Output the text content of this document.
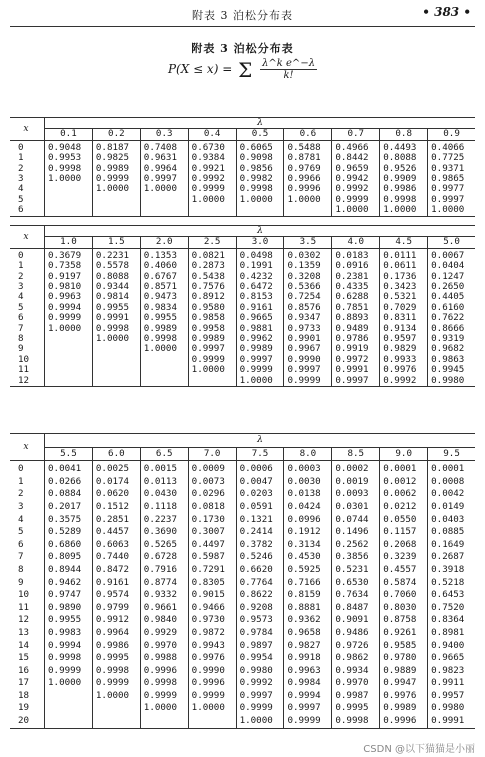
附表 3 泊松分布表	• 383 •
附表 3 泊松分布表
P(X ≤ x) = Σ $\frac{\text{λ\textasciicircum{}k e\textasciicircum{}−λ}}{k!}$
x	λ								
	0.1	0.2	0.3	0.4	0.5	0.6	0.7	0.8	0.9
0	0.9048	0.8187	0.7408	0.6730	0.6065	0.5488	0.4966	0.4493	0.4066
1	0.9953	0.9825	0.9631	0.9384	0.9098	0.8781	0.8442	0.8088	0.7725
2	0.9998	0.9989	0.9964	0.9921	0.9856	0.9769	0.9659	0.9526	0.9371
3	1.0000	0.9999	0.9997	0.9992	0.9982	0.9966	0.9942	0.9909	0.9865
4		1.0000	1.0000	0.9999	0.9998	0.9996	0.9992	0.9986	0.9977
5				1.0000	1.0000	1.0000	0.9999	0.9998	0.9997
6							1.0000	1.0000	1.0000
x	λ								
	1.0	1.5	2.0	2.5	3.0	3.5	4.0	4.5	5.0
0	0.3679	0.2231	0.1353	0.0821	0.0498	0.0302	0.0183	0.0111	0.0067
1	0.7358	0.5578	0.4060	0.2873	0.1991	0.1359	0.0916	0.0611	0.0404
2	0.9197	0.8088	0.6767	0.5438	0.4232	0.3208	0.2381	0.1736	0.1247
3	0.9810	0.9344	0.8571	0.7576	0.6472	0.5366	0.4335	0.3423	0.2650
4	0.9963	0.9814	0.9473	0.8912	0.8153	0.7254	0.6288	0.5321	0.4405
5	0.9994	0.9955	0.9834	0.9580	0.9161	0.8576	0.7851	0.7029	0.6160
6	0.9999	0.9991	0.9955	0.9858	0.9665	0.9347	0.8893	0.8311	0.7622
7	1.0000	0.9998	0.9989	0.9958	0.9881	0.9733	0.9489	0.9134	0.8666
8		1.0000	0.9998	0.9989	0.9962	0.9901	0.9786	0.9597	0.9319
9			1.0000	0.9997	0.9989	0.9967	0.9919	0.9829	0.9682
10				0.9999	0.9997	0.9990	0.9972	0.9933	0.9863
11				1.0000	0.9999	0.9997	0.9991	0.9976	0.9945
12					1.0000	0.9999	0.9997	0.9992	0.9980
x	λ								
	5.5	6.0	6.5	7.0	7.5	8.0	8.5	9.0	9.5
0	0.0041	0.0025	0.0015	0.0009	0.0006	0.0003	0.0002	0.0001	0.0001
1	0.0266	0.0174	0.0113	0.0073	0.0047	0.0030	0.0019	0.0012	0.0008
2	0.0884	0.0620	0.0430	0.0296	0.0203	0.0138	0.0093	0.0062	0.0042
3	0.2017	0.1512	0.1118	0.0818	0.0591	0.0424	0.0301	0.0212	0.0149
4	0.3575	0.2851	0.2237	0.1730	0.1321	0.0996	0.0744	0.0550	0.0403
5	0.5289	0.4457	0.3690	0.3007	0.2414	0.1912	0.1496	0.1157	0.0885
6	0.6860	0.6063	0.5265	0.4497	0.3782	0.3134	0.2562	0.2068	0.1649
7	0.8095	0.7440	0.6728	0.5987	0.5246	0.4530	0.3856	0.3239	0.2687
8	0.8944	0.8472	0.7916	0.7291	0.6620	0.5925	0.5231	0.4557	0.3918
9	0.9462	0.9161	0.8774	0.8305	0.7764	0.7166	0.6530	0.5874	0.5218
10	0.9747	0.9574	0.9332	0.9015	0.8622	0.8159	0.7634	0.7060	0.6453
11	0.9890	0.9799	0.9661	0.9466	0.9208	0.8881	0.8487	0.8030	0.7520
12	0.9955	0.9912	0.9840	0.9730	0.9573	0.9362	0.9091	0.8758	0.8364
13	0.9983	0.9964	0.9929	0.9872	0.9784	0.9658	0.9486	0.9261	0.8981
14	0.9994	0.9986	0.9970	0.9943	0.9897	0.9827	0.9726	0.9585	0.9400
15	0.9998	0.9995	0.9988	0.9976	0.9954	0.9918	0.9862	0.9780	0.9665
16	0.9999	0.9998	0.9996	0.9990	0.9980	0.9963	0.9934	0.9889	0.9823
17	1.0000	0.9999	0.9998	0.9996	0.9992	0.9984	0.9970	0.9947	0.9911
18		1.0000	0.9999	0.9999	0.9997	0.9994	0.9987	0.9976	0.9957
19			1.0000	1.0000	0.9999	0.9997	0.9995	0.9989	0.9980
20					1.0000	0.9999	0.9998	0.9996	0.9991
CSDN @以下猫猫是小丽
